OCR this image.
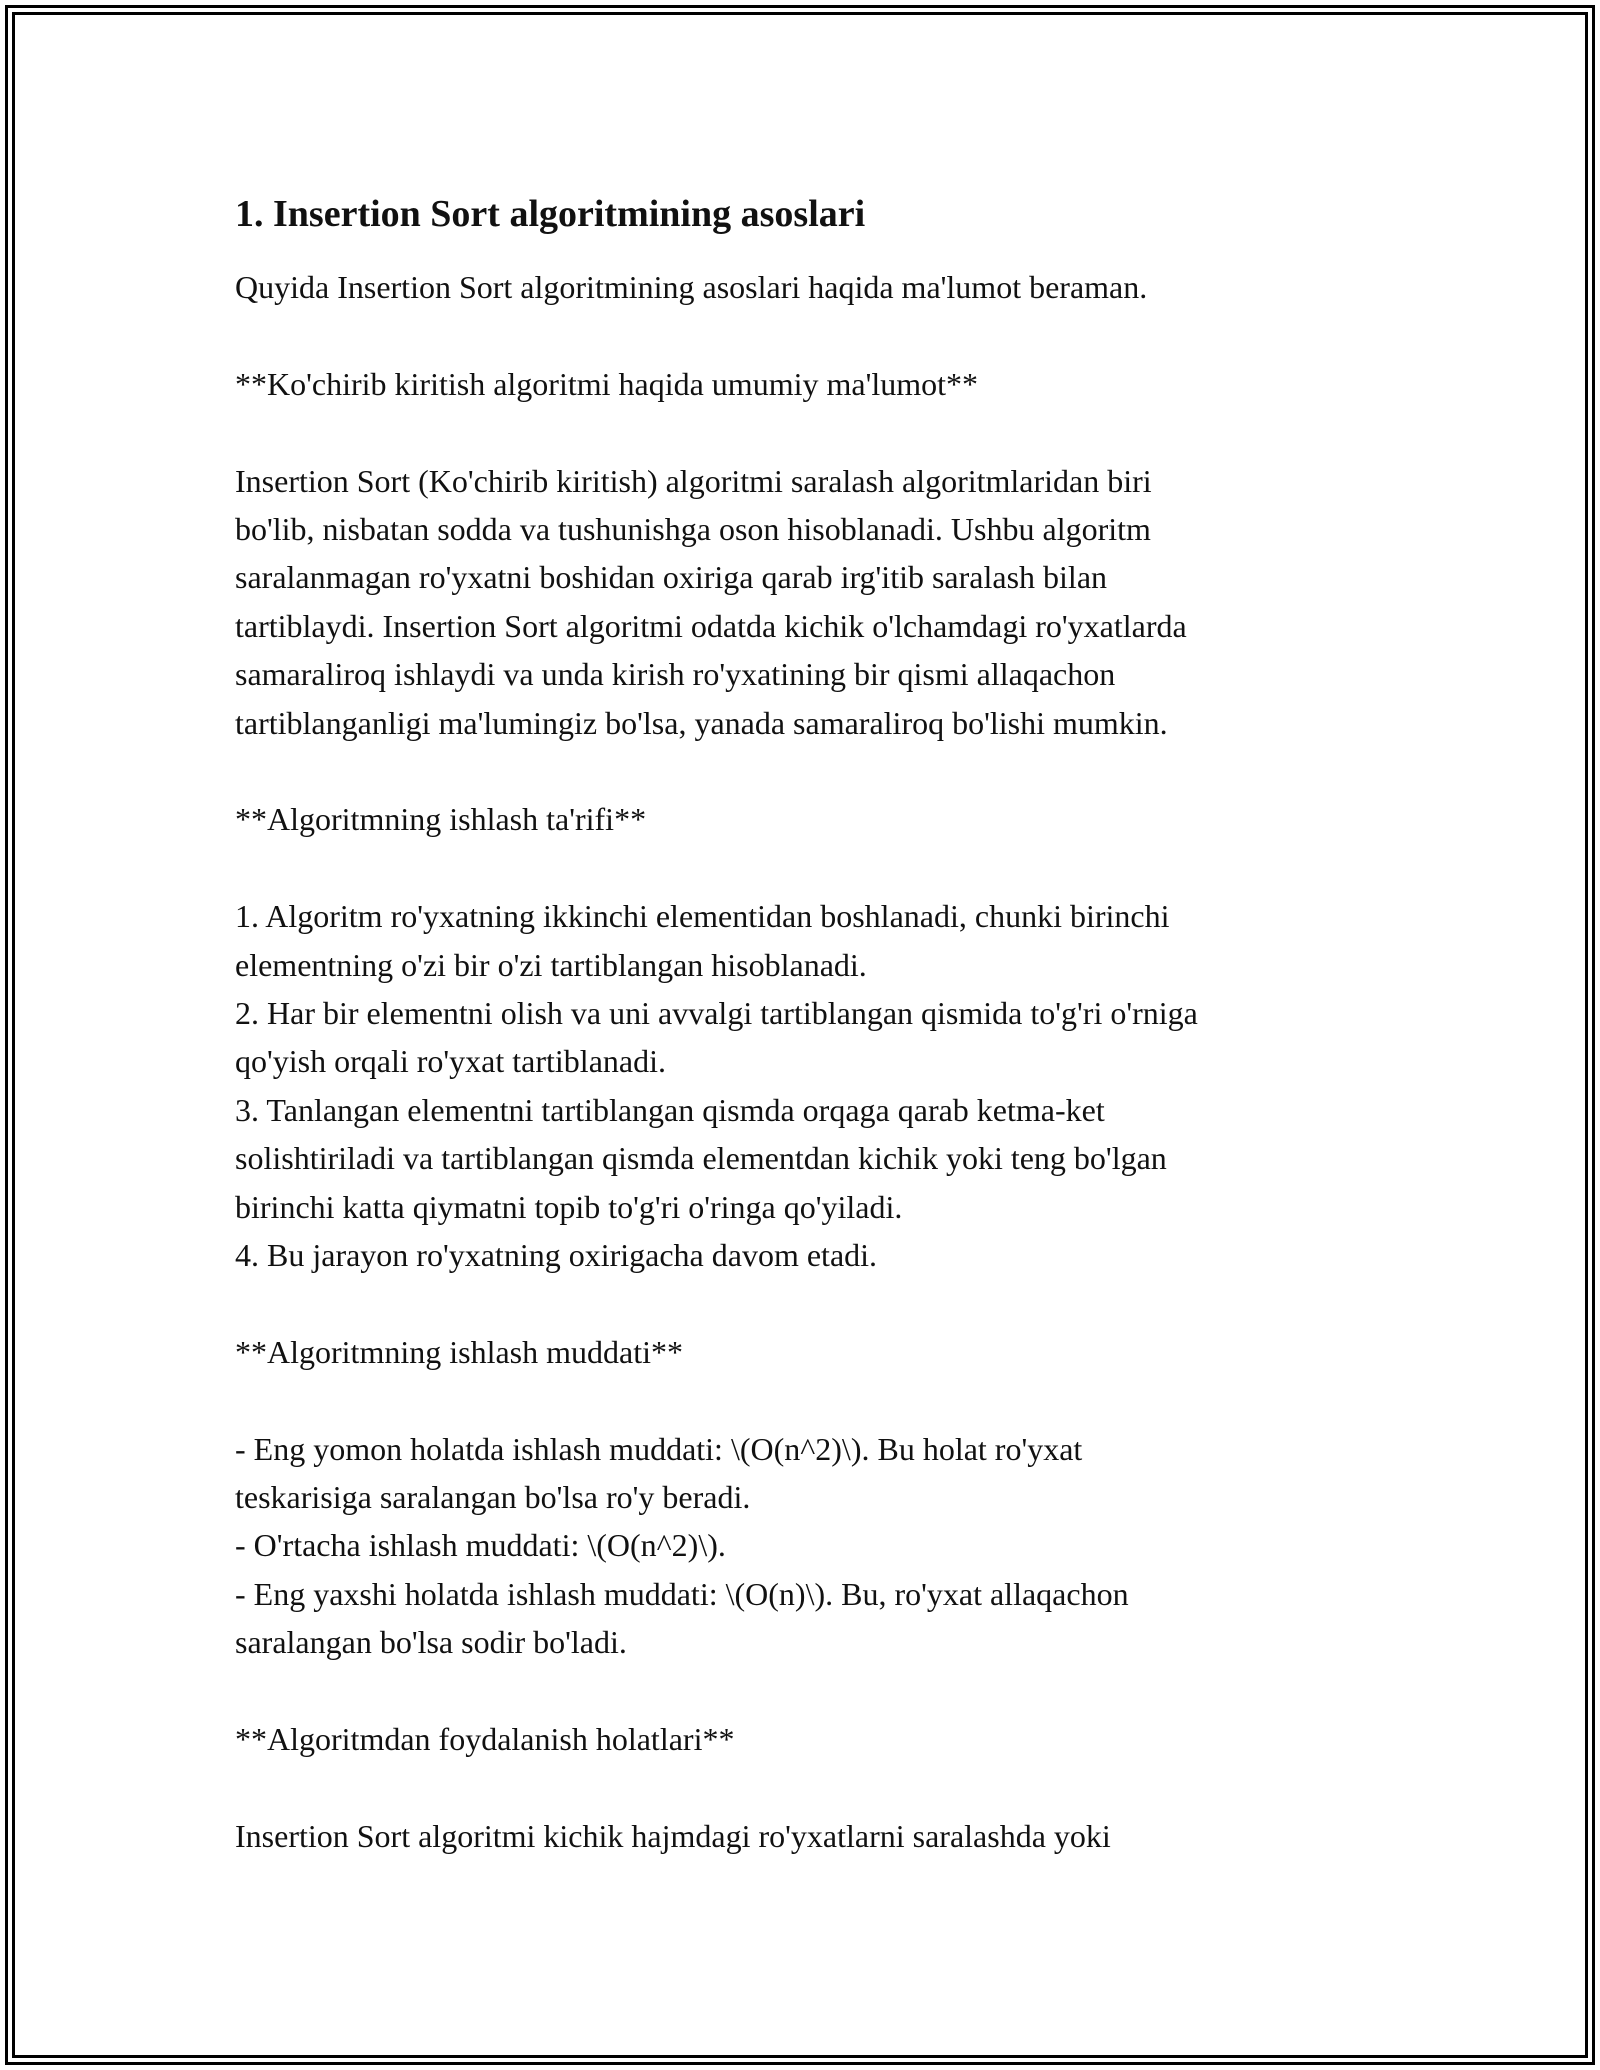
1. Insertion Sort algoritmining asoslari

Quyida Insertion Sort algoritmining asoslari haqida ma'lumot beraman.

**Ko'chirib kiritish algoritmi haqida umumiy ma'lumot**

Insertion Sort (Ko'chirib kiritish) algoritmi saralash algoritmlaridan biri
bo'lib, nisbatan sodda va tushunishga oson hisoblanadi. Ushbu algoritm
saralanmagan ro'yxatni boshidan oxiriga qarab irg'itib saralash bilan
tartiblaydi. Insertion Sort algoritmi odatda kichik o'lchamdagi ro'yxatlarda
samaraliroq ishlaydi va unda kirish ro'yxatining bir qismi allaqachon
tartiblanganligi ma'lumingiz bo'lsa, yanada samaraliroq bo'lishi mumkin.

**Algoritmning ishlash ta'rifi**

1. Algoritm ro'yxatning ikkinchi elementidan boshlanadi, chunki birinchi
elementning o'zi bir o'zi tartiblangan hisoblanadi.
2. Har bir elementni olish va uni avvalgi tartiblangan qismida to'g'ri o'rniga
qo'yish orqali ro'yxat tartiblanadi.
3. Tanlangan elementni tartiblangan qismda orqaga qarab ketma-ket
solishtiriladi va tartiblangan qismda elementdan kichik yoki teng bo'lgan
birinchi katta qiymatni topib to'g'ri o'ringa qo'yiladi.
4. Bu jarayon ro'yxatning oxirigacha davom etadi.

**Algoritmning ishlash muddati**

- Eng yomon holatda ishlash muddati: \(O(n^2)\). Bu holat ro'yxat
teskarisiga saralangan bo'lsa ro'y beradi.
- O'rtacha ishlash muddati: \(O(n^2)\).
- Eng yaxshi holatda ishlash muddati: \(O(n)\). Bu, ro'yxat allaqachon
saralangan bo'lsa sodir bo'ladi.

**Algoritmdan foydalanish holatlari**

Insertion Sort algoritmi kichik hajmdagi ro'yxatlarni saralashda yoki
